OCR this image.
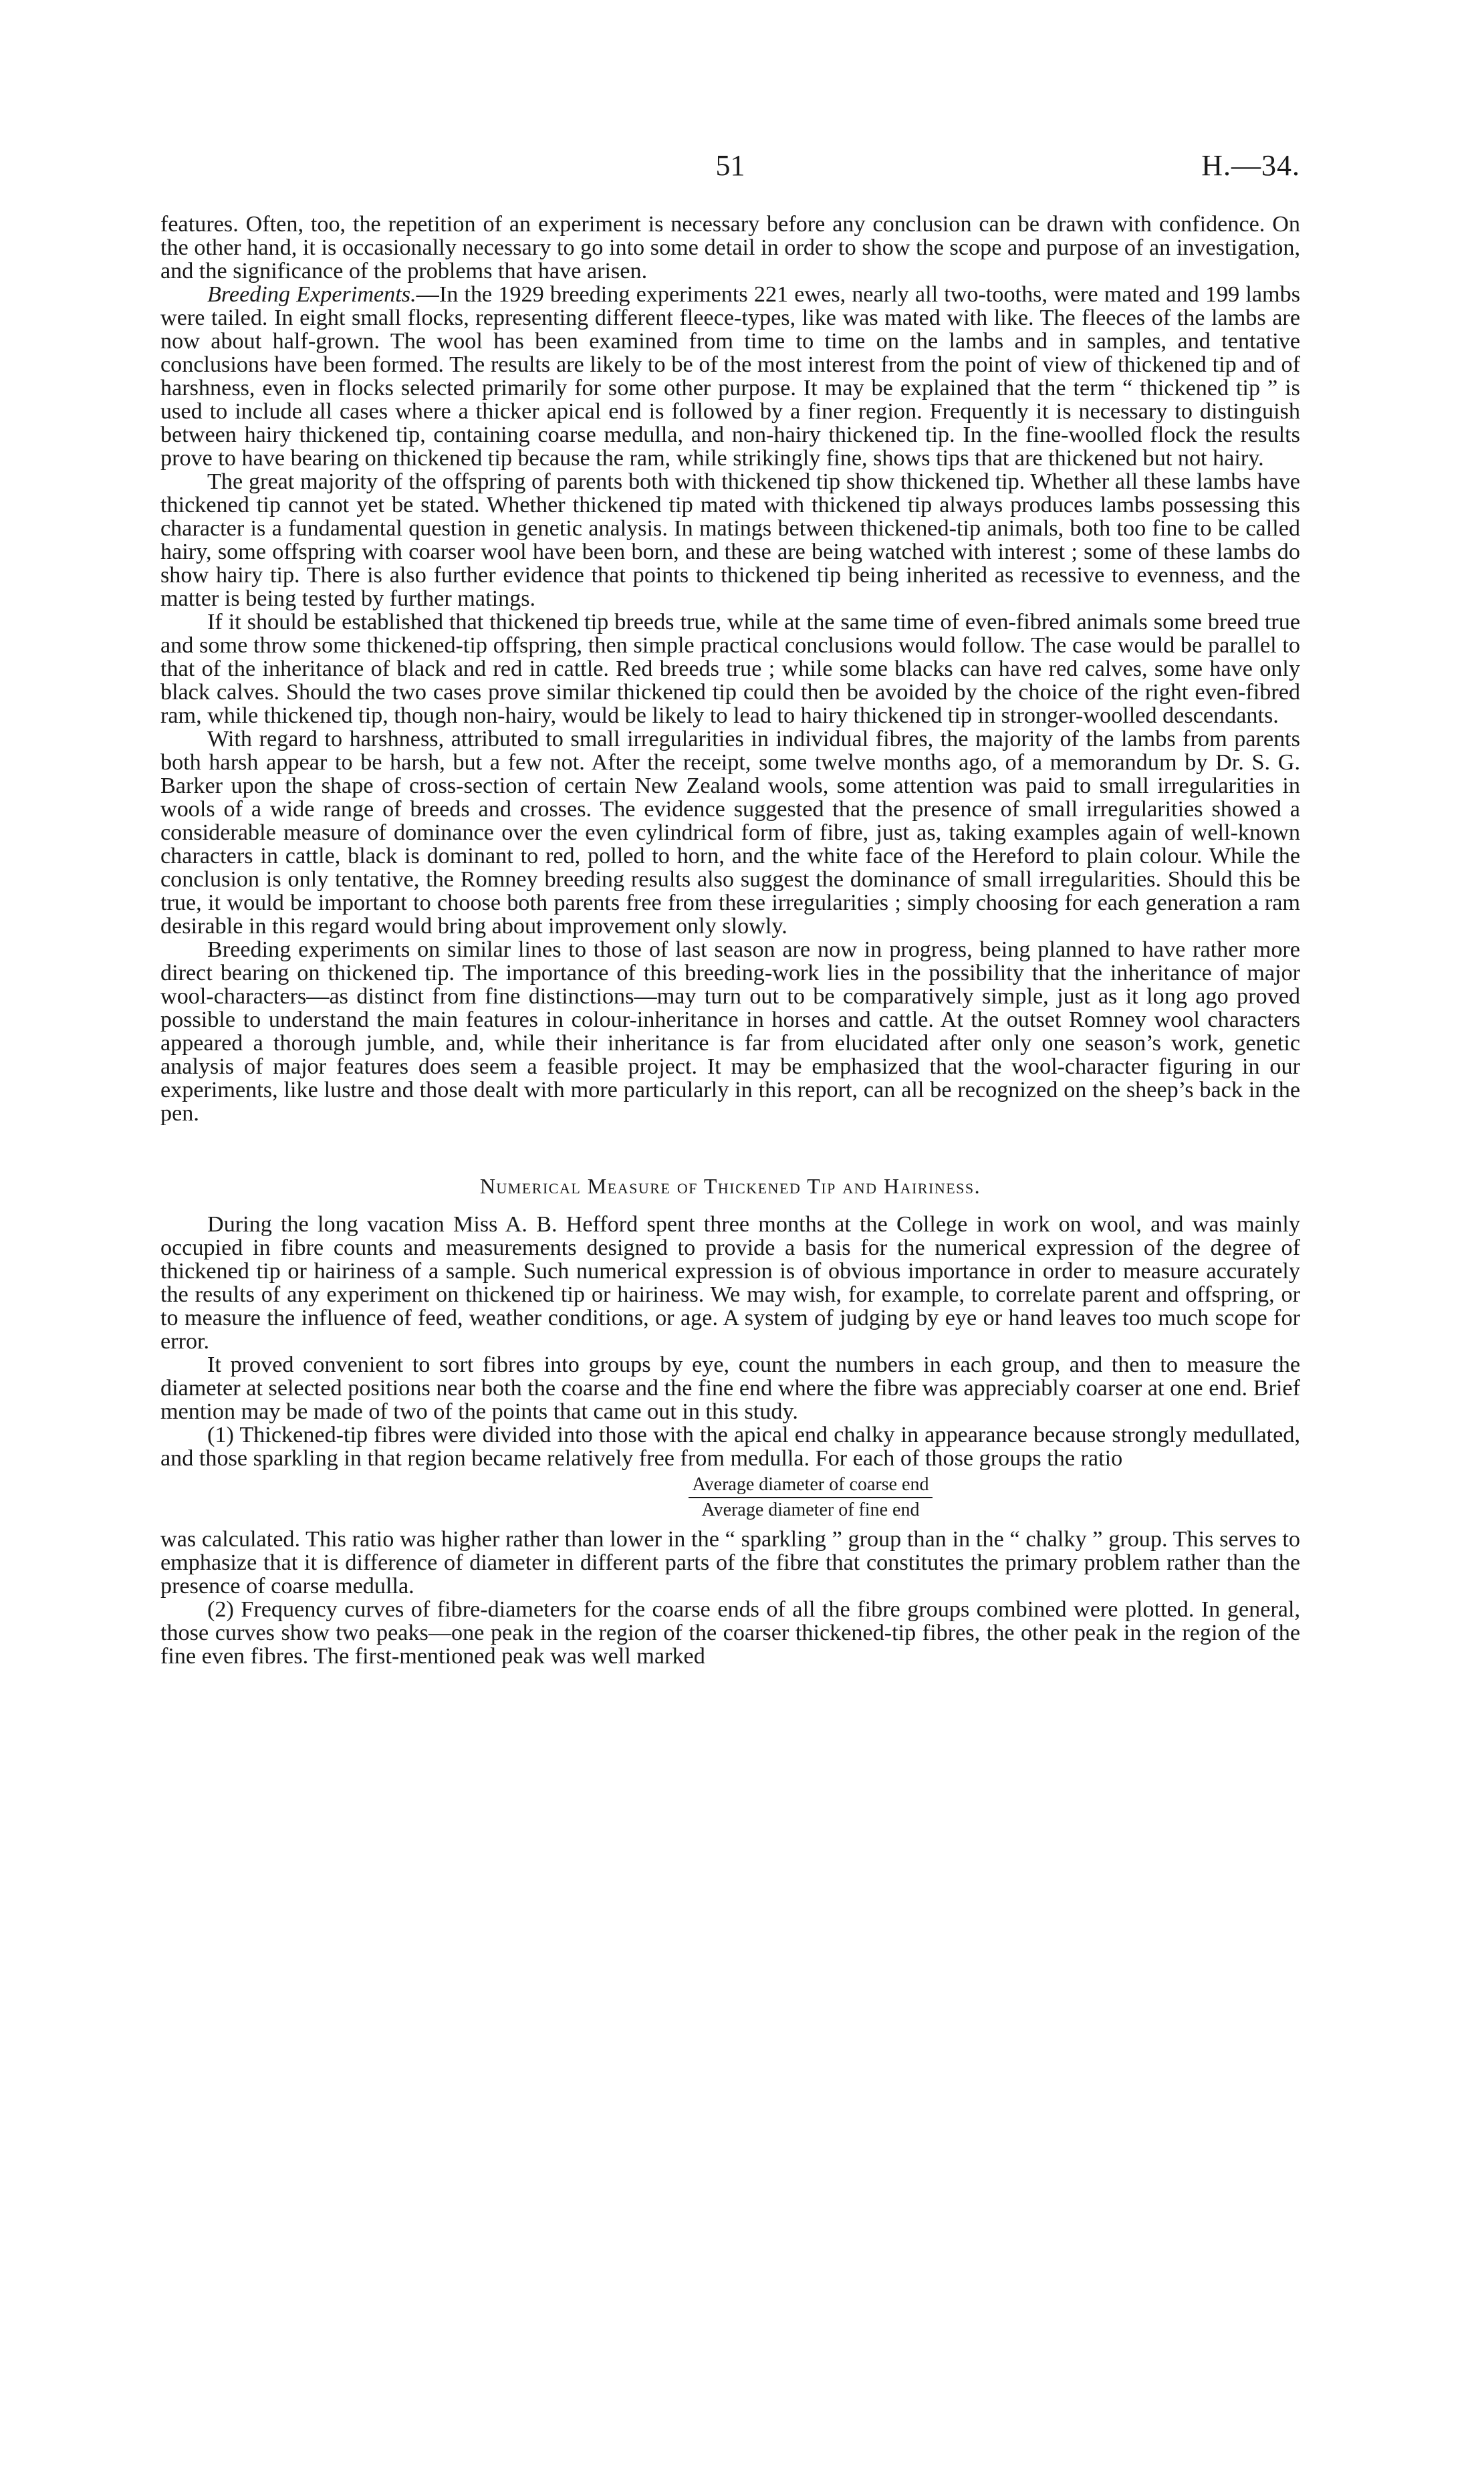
51	H.—34.

features. Often, too, the repetition of an experiment is necessary before any conclusion can be drawn with confidence. On the other hand, it is occasionally necessary to go into some detail in order to show the scope and purpose of an investigation, and the significance of the problems that have arisen.

Breeding Experiments.—In the 1929 breeding experiments 221 ewes, nearly all two-tooths, were mated and 199 lambs were tailed. In eight small flocks, representing different fleece-types, like was mated with like. The fleeces of the lambs are now about half-grown. The wool has been examined from time to time on the lambs and in samples, and tentative conclusions have been formed. The results are likely to be of the most interest from the point of view of thickened tip and of harshness, even in flocks selected primarily for some other purpose. It may be explained that the term “ thickened tip ” is used to include all cases where a thicker apical end is followed by a finer region. Frequently it is necessary to distinguish between hairy thickened tip, containing coarse medulla, and non-hairy thickened tip. In the fine-woolled flock the results prove to have bearing on thickened tip because the ram, while strikingly fine, shows tips that are thickened but not hairy.

The great majority of the offspring of parents both with thickened tip show thickened tip. Whether all these lambs have thickened tip cannot yet be stated. Whether thickened tip mated with thickened tip always produces lambs possessing this character is a fundamental question in genetic analysis. In matings between thickened-tip animals, both too fine to be called hairy, some offspring with coarser wool have been born, and these are being watched with interest ; some of these lambs do show hairy tip. There is also further evidence that points to thickened tip being inherited as recessive to evenness, and the matter is being tested by further matings.

If it should be established that thickened tip breeds true, while at the same time of even-fibred animals some breed true and some throw some thickened-tip offspring, then simple practical conclusions would follow. The case would be parallel to that of the inheritance of black and red in cattle. Red breeds true ; while some blacks can have red calves, some have only black calves. Should the two cases prove similar thickened tip could then be avoided by the choice of the right even-fibred ram, while thickened tip, though non-hairy, would be likely to lead to hairy thickened tip in stronger-woolled descendants.

With regard to harshness, attributed to small irregularities in individual fibres, the majority of the lambs from parents both harsh appear to be harsh, but a few not. After the receipt, some twelve months ago, of a memorandum by Dr. S. G. Barker upon the shape of cross-section of certain New Zealand wools, some attention was paid to small irregularities in wools of a wide range of breeds and crosses. The evidence suggested that the presence of small irregularities showed a considerable measure of dominance over the even cylindrical form of fibre, just as, taking examples again of well-known characters in cattle, black is dominant to red, polled to horn, and the white face of the Hereford to plain colour. While the conclusion is only tentative, the Romney breeding results also suggest the dominance of small irregularities. Should this be true, it would be important to choose both parents free from these irregularities ; simply choosing for each generation a ram desirable in this regard would bring about improvement only slowly.

Breeding experiments on similar lines to those of last season are now in progress, being planned to have rather more direct bearing on thickened tip. The importance of this breeding-work lies in the possibility that the inheritance of major wool-characters—as distinct from fine distinctions—may turn out to be comparatively simple, just as it long ago proved possible to understand the main features in colour-inheritance in horses and cattle. At the outset Romney wool characters appeared a thorough jumble, and, while their inheritance is far from elucidated after only one season’s work, genetic analysis of major features does seem a feasible project. It may be emphasized that the wool-character figuring in our experiments, like lustre and those dealt with more particularly in this report, can all be recognized on the sheep’s back in the pen.

Numerical Measure of Thickened Tip and Hairiness.

During the long vacation Miss A. B. Hefford spent three months at the College in work on wool, and was mainly occupied in fibre counts and measurements designed to provide a basis for the numerical expression of the degree of thickened tip or hairiness of a sample. Such numerical expression is of obvious importance in order to measure accurately the results of any experiment on thickened tip or hairiness. We may wish, for example, to correlate parent and offspring, or to measure the influence of feed, weather conditions, or age. A system of judging by eye or hand leaves too much scope for error.

It proved convenient to sort fibres into groups by eye, count the numbers in each group, and then to measure the diameter at selected positions near both the coarse and the fine end where the fibre was appreciably coarser at one end. Brief mention may be made of two of the points that came out in this study.

(1) Thickened-tip fibres were divided into those with the apical end chalky in appearance because strongly medullated, and those sparkling in that region became relatively free from medulla. For each of those groups the ratio

$\frac{\text{Average diameter of coarse end}}{\text{Average diameter of fine end}}$

was calculated. This ratio was higher rather than lower in the “ sparkling ” group than in the “ chalky ” group. This serves to emphasize that it is difference of diameter in different parts of the fibre that constitutes the primary problem rather than the presence of coarse medulla.

(2) Frequency curves of fibre-diameters for the coarse ends of all the fibre groups combined were plotted. In general, those curves show two peaks—one peak in the region of the coarser thickened-tip fibres, the other peak in the region of the fine even fibres. The first-mentioned peak was well marked
